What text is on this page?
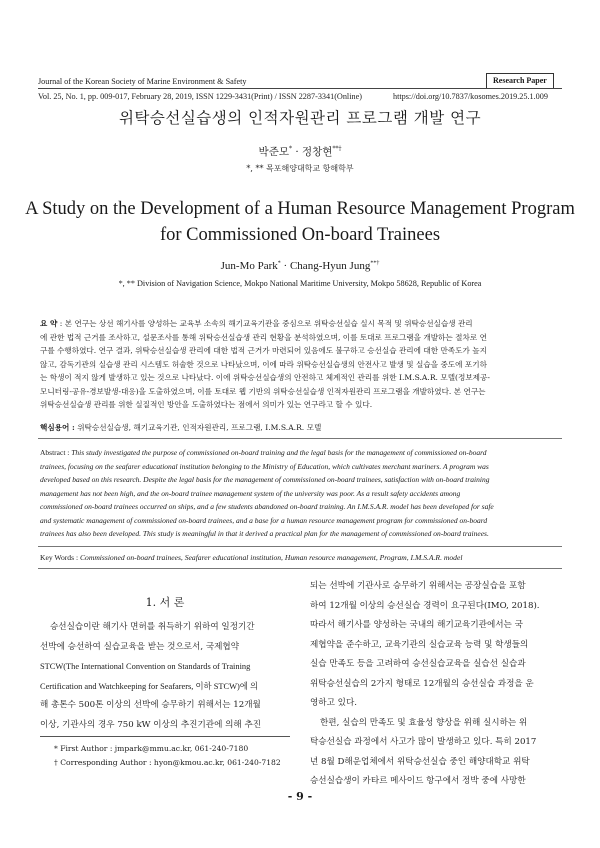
Journal of the Korean Society of Marine Environment & Safety	Research Paper
Vol. 25, No. 1, pp. 009-017, February 28, 2019, ISSN 1229-3431(Print) / ISSN 2287-3341(Online)	https://doi.org/10.7837/kosomes.2019.25.1.009
위탁승선실습생의 인적자원관리 프로그램 개발 연구
박준모* · 정창현**†
*, ** 목포해양대학교 항해학부
A Study on the Development of a Human Resource Management Program
for Commissioned On-board Trainees
Jun-Mo Park* · Chang-Hyun Jung**†
*, ** Division of Navigation Science, Mokpo National Maritime University, Mokpo 58628, Republic of Korea
요 약 : 본 연구는 상선 해기사를 양성하는 교육부 소속의 해기교육기관을 중심으로 위탁승선실습 실시 목적 및 위탁승선실습생 관리
에 관한 법적 근거를 조사하고, 설문조사를 통해 위탁승선실습생 관리 현황을 분석하였으며, 이를 토대로 프로그램을 개발하는 절차로 연
구를 수행하였다. 연구 결과, 위탁승선실습생 관리에 대한 법적 근거가 마련되어 있음에도 불구하고 승선실습 관리에 대한 만족도가 높지
않고, 감독기관의 실습생 관리 시스템도 허술한 것으로 나타났으며, 이에 따라 위탁승선실습생의 안전사고 발생 및 실습을 중도에 포기하
는 학생이 적지 않게 발생하고 있는 것으로 나타났다. 이에 위탁승선실습생의 안전하고 체계적인 관리를 위한 I.M.S.A.R. 모델(정보제공-
모니터링-공유-경보발생-대응)을 도출하였으며, 이를 토대로 웹 기반의 위탁승선실습생 인적자원관리 프로그램을 개발하였다. 본 연구는
위탁승선실습생 관리를 위한 실질적인 방안을 도출하였다는 점에서 의미가 있는 연구라고 할 수 있다.
핵심용어 : 위탁승선실습생, 해기교육기관, 인적자원관리, 프로그램, I.M.S.A.R. 모델
Abstract : This study investigated the purpose of commissioned on-board training and the legal basis for the management of commissioned on-board
trainees, focusing on the seafarer educational institution belonging to the Ministry of Education, which cultivates merchant mariners. A program was
developed based on this research. Despite the legal basis for the management of commissioned on-board trainees, satisfaction with on-board training
management has not been high, and the on-board trainee management system of the university was poor. As a result safety accidents among
commissioned on-board trainees occurred on ships, and a few students abandoned on-board training. An I.M.S.A.R. model has been developed for safe
and systematic management of commissioned on-board trainees, and a base for a human resource management program for commissioned on-board
trainees has also been developed. This study is meaningful in that it derived a practical plan for the management of commissioned on-board trainees.
Key Words : Commissioned on-board trainees, Seafarer educational institution, Human resource management, Program, I.M.S.A.R. model
1. 서 론

승선실습이란 해기사 면허를 취득하기 위하여 일정기간

선박에 승선하여 실습교육을 받는 것으로서, 국제협약

STCW(The International Convention on Standards of Training

Certification and Watchkeeping for Seafarers, 이하 STCW)에 의

해 총톤수 500톤 이상의 선박에 승무하기 위해서는 12개월

이상, 기관사의 경우 750 kW 이상의 추진기관에 의해 추진

되는 선박에 기관사로 승무하기 위해서는 공장실습을 포함

하여 12개월 이상의 승선실습 경력이 요구된다(IMO, 2018).

따라서 해기사를 양성하는 국내의 해기교육기관에서는 국

제협약을 준수하고, 교육기관의 실습교육 능력 및 학생들의

실습 만족도 등을 고려하여 승선실습교육을 실습선 실습과

위탁승선실습의 2가지 형태로 12개월의 승선실습 과정을 운

영하고 있다.

한편, 실습의 만족도 및 효율성 향상을 위해 실시하는 위

탁승선실습 과정에서 사고가 많이 발생하고 있다. 특히 2017

년 8월 D해운업체에서 위탁승선실습 중인 해양대학교 위탁

승선실습생이 카타르 메사이드 항구에서 정박 중에 사망한

* First Author : jmpark@mmu.ac.kr, 061-240-7180
† Corresponding Author : hyon@kmou.ac.kr, 061-240-7182
- 9 -
